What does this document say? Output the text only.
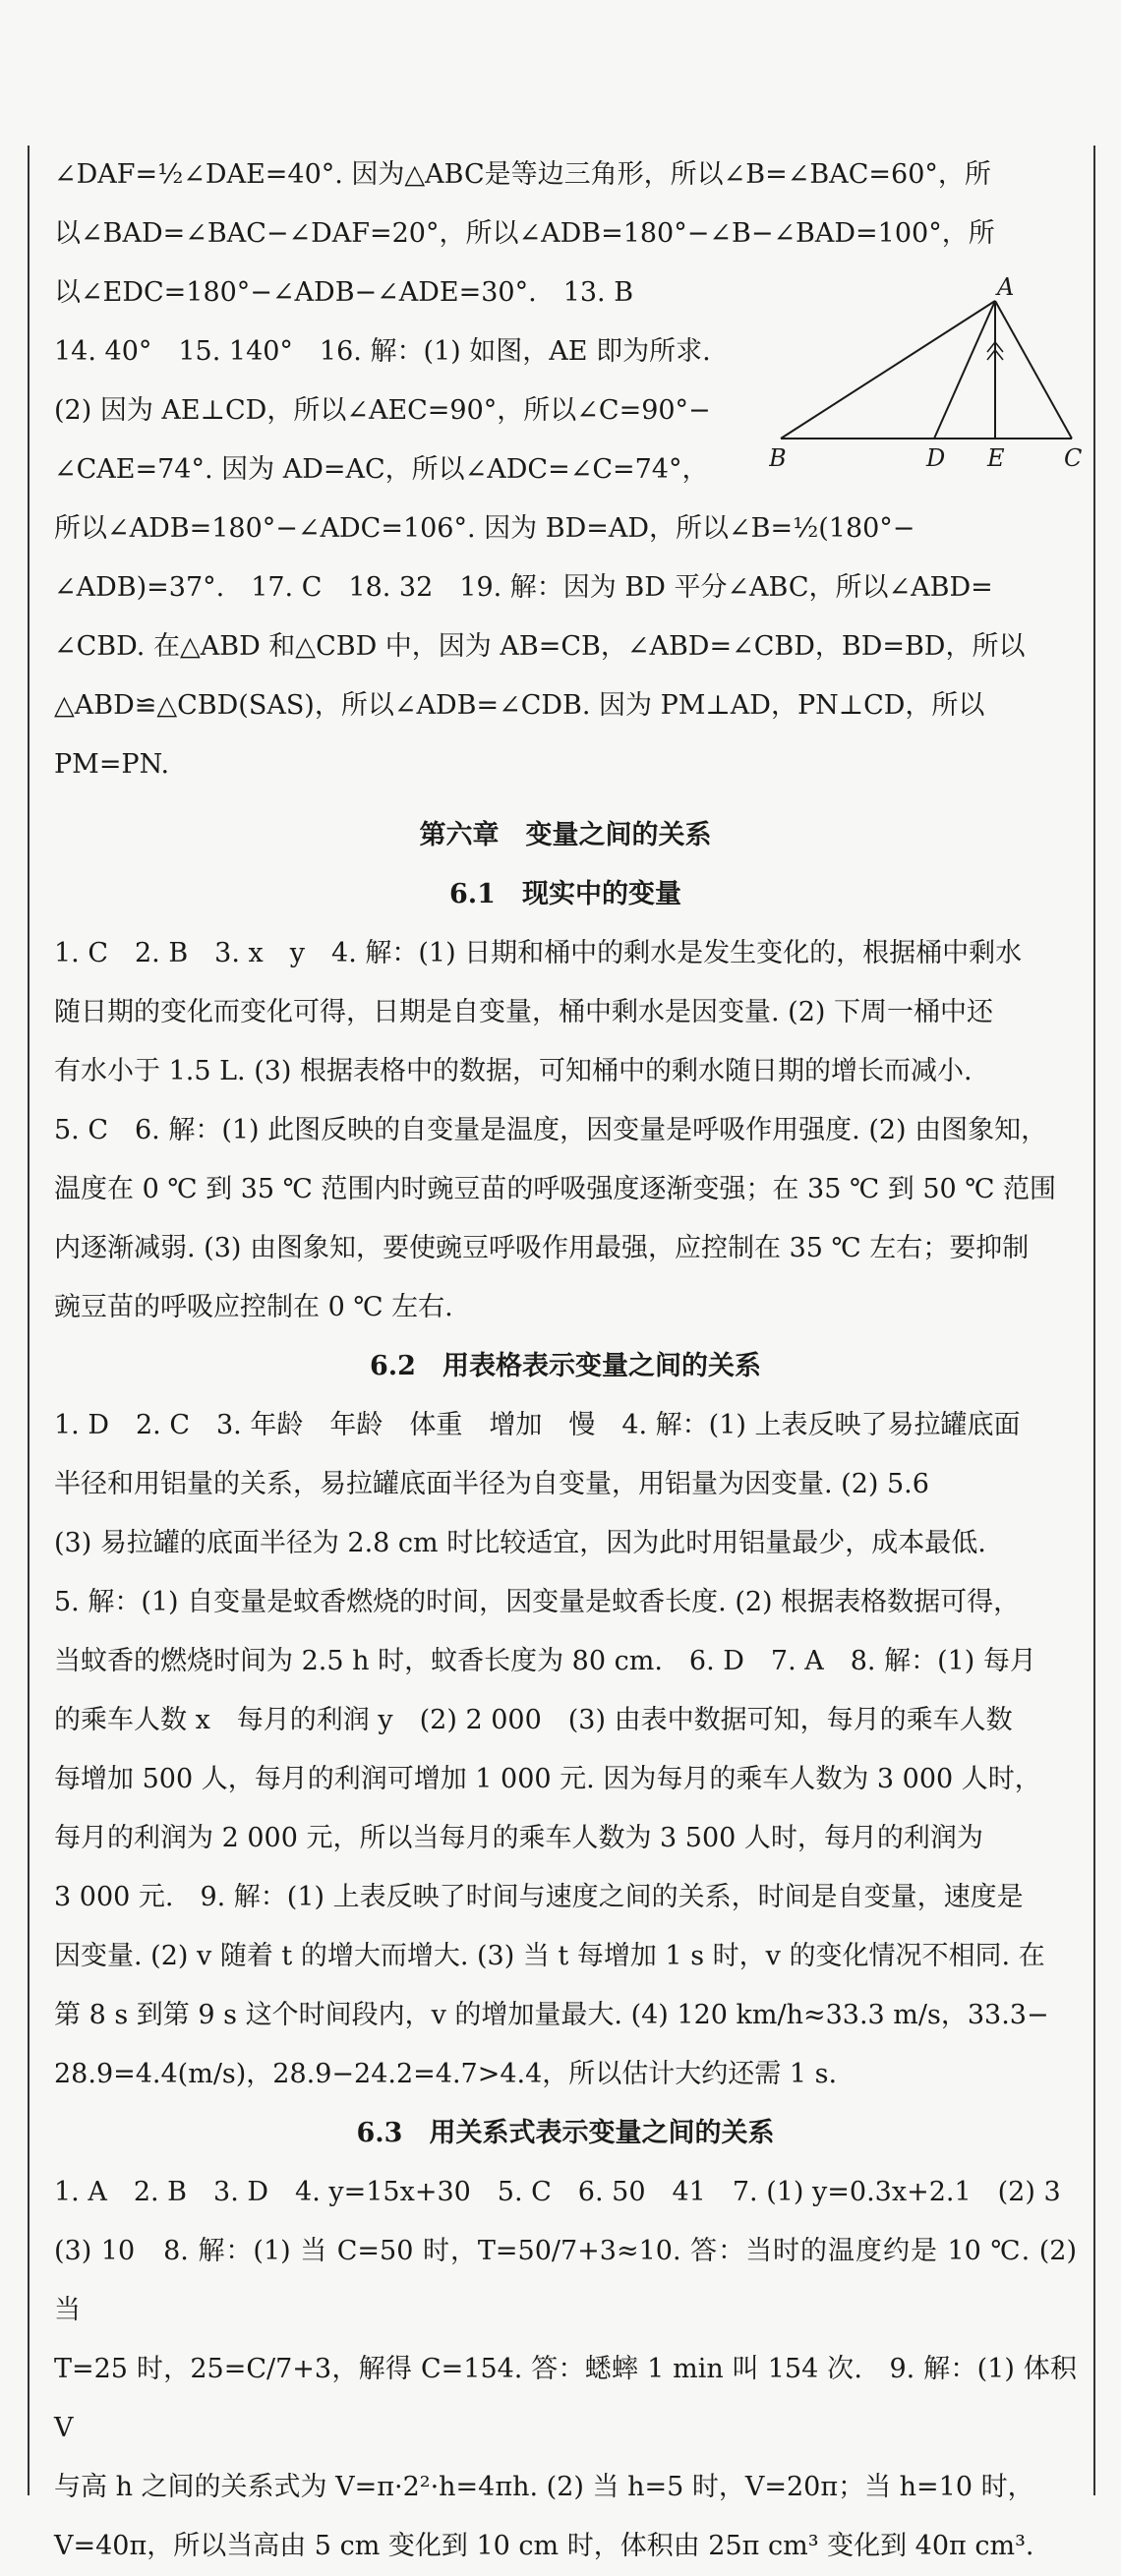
A
B	D E	C

∠DAF=½∠DAE=40°. 因为△ABC是等边三角形，所以∠B=∠BAC=60°，所

以∠BAD=∠BAC−∠DAF=20°，所以∠ADB=180°−∠B−∠BAD=100°，所

以∠EDC=180°−∠ADB−∠ADE=30°.　13. B

14. 40°　15. 140°　16. 解：(1) 如图，AE 即为所求.

(2) 因为 AE⊥CD，所以∠AEC=90°，所以∠C=90°−

∠CAE=74°. 因为 AD=AC，所以∠ADC=∠C=74°，

所以∠ADB=180°−∠ADC=106°. 因为 BD=AD，所以∠B=½(180°−

∠ADB)=37°.　17. C　18. 32　19. 解：因为 BD 平分∠ABC，所以∠ABD=

∠CBD. 在△ABD 和△CBD 中，因为 AB=CB，∠ABD=∠CBD，BD=BD，所以

△ABD≌△CBD(SAS)，所以∠ADB=∠CDB. 因为 PM⊥AD，PN⊥CD，所以

PM=PN.

第六章　变量之间的关系

6.1　现实中的变量

1. C　2. B　3. x　y　4. 解：(1) 日期和桶中的剩水是发生变化的，根据桶中剩水

随日期的变化而变化可得，日期是自变量，桶中剩水是因变量. (2) 下周一桶中还

有水小于 1.5 L. (3) 根据表格中的数据，可知桶中的剩水随日期的增长而减小.

5. C　6. 解：(1) 此图反映的自变量是温度，因变量是呼吸作用强度. (2) 由图象知，

温度在 0 ℃ 到 35 ℃ 范围内时豌豆苗的呼吸强度逐渐变强；在 35 ℃ 到 50 ℃ 范围

内逐渐减弱. (3) 由图象知，要使豌豆呼吸作用最强，应控制在 35 ℃ 左右；要抑制

豌豆苗的呼吸应控制在 0 ℃ 左右.

6.2　用表格表示变量之间的关系

1. D　2. C　3. 年龄　年龄　体重　增加　慢　4. 解：(1) 上表反映了易拉罐底面

半径和用铝量的关系，易拉罐底面半径为自变量，用铝量为因变量. (2) 5.6

(3) 易拉罐的底面半径为 2.8 cm 时比较适宜，因为此时用铝量最少，成本最低.

5. 解：(1) 自变量是蚊香燃烧的时间，因变量是蚊香长度. (2) 根据表格数据可得，

当蚊香的燃烧时间为 2.5 h 时，蚊香长度为 80 cm.　6. D　7. A　8. 解：(1) 每月

的乘车人数 x　每月的利润 y　(2) 2 000　(3) 由表中数据可知，每月的乘车人数

每增加 500 人，每月的利润可增加 1 000 元. 因为每月的乘车人数为 3 000 人时，

每月的利润为 2 000 元，所以当每月的乘车人数为 3 500 人时，每月的利润为

3 000 元.　9. 解：(1) 上表反映了时间与速度之间的关系，时间是自变量，速度是

因变量. (2) v 随着 t 的增大而增大. (3) 当 t 每增加 1 s 时，v 的变化情况不相同. 在

第 8 s 到第 9 s 这个时间段内，v 的增加量最大. (4) 120 km/h≈33.3 m/s，33.3−

28.9=4.4(m/s)，28.9−24.2=4.7>4.4，所以估计大约还需 1 s.

6.3　用关系式表示变量之间的关系

1. A　2. B　3. D　4. y=15x+30　5. C　6. 50　41　7. (1) y=0.3x+2.1　(2) 3

(3) 10　8. 解：(1) 当 C=50 时，T=50/7+3≈10. 答：当时的温度约是 10 ℃. (2) 当

T=25 时，25=C/7+3，解得 C=154. 答：蟋蟀 1 min 叫 154 次.　9. 解：(1) 体积 V

与高 h 之间的关系式为 V=π·2²·h=4πh. (2) 当 h=5 时，V=20π；当 h=10 时，

V=40π，所以当高由 5 cm 变化到 10 cm 时，体积由 25π cm³ 变化到 40π cm³.
